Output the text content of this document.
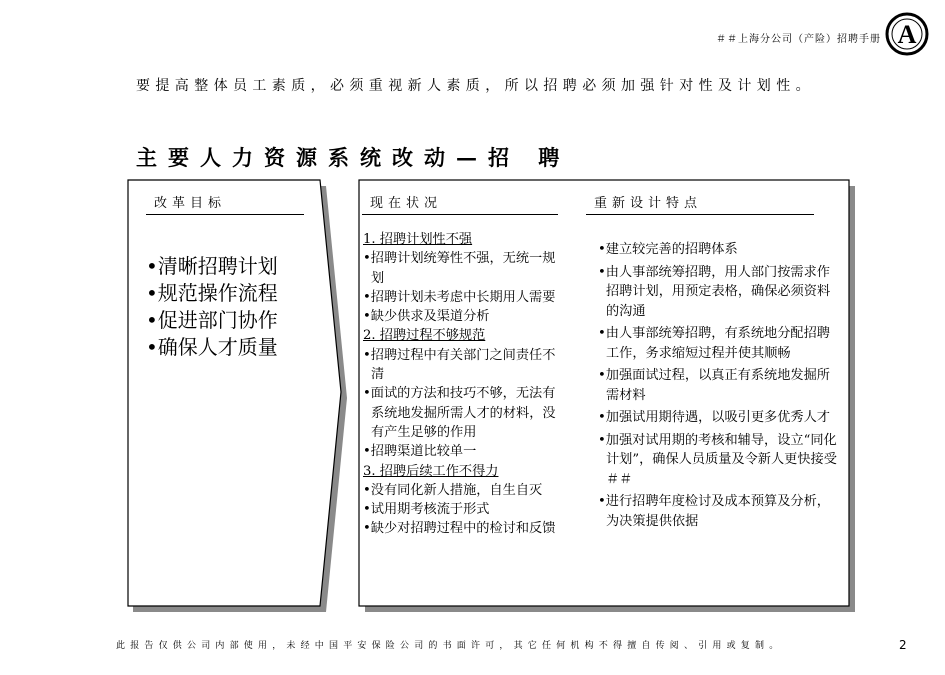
＃＃上海分公司（产险）招聘手册 A
要提高整体员工素质，必须重视新人素质，所以招聘必须加强针对性及计划性。
主要人力资源系统改动—招 聘
改革目标
•清晰招聘计划
•规范操作流程
•促进部门协作
•确保人才质量
现在状况
1. 招聘计划性不强
•招聘计划统筹性不强，无统一规划
•招聘计划未考虑中长期用人需要
•缺少供求及渠道分析
2. 招聘过程不够规范
•招聘过程中有关部门之间责任不清
•面试的方法和技巧不够，无法有系统地发掘所需人才的材料，没有产生足够的作用
•招聘渠道比较单一
3. 招聘后续工作不得力
•没有同化新人措施，自生自灭
•试用期考核流于形式
•缺少对招聘过程中的检讨和反馈
重新设计特点
•建立较完善的招聘体系
•由人事部统筹招聘，用人部门按需求作招聘计划，用预定表格，确保必须资料的沟通
•由人事部统筹招聘，有系统地分配招聘工作，务求缩短过程并使其顺畅
•加强面试过程，以真正有系统地发掘所需材料
•加强试用期待遇，以吸引更多优秀人才
•加强对试用期的考核和辅导，设立“同化计划”，确保人员质量及令新人更快接受＃＃
•进行招聘年度检讨及成本预算及分析，为决策提供依据
此报告仅供公司内部使用，未经中国平安保险公司的书面许可，其它任何机构不得擅自传阅、引用或复制。	2
